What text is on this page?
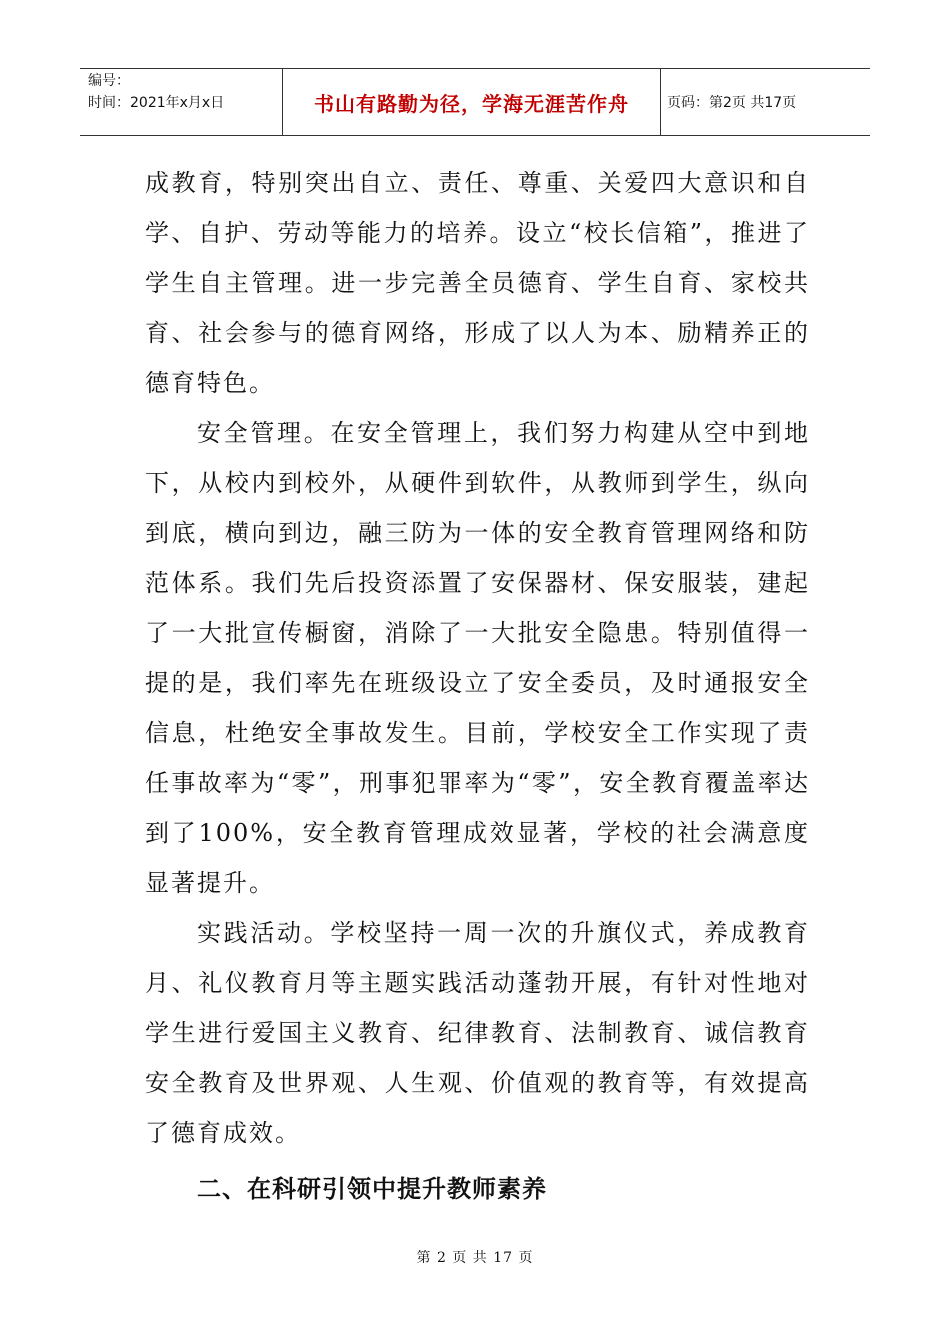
编号：
时间：2021年x月x日	书山有路勤为径，学海无涯苦作舟	页码：第2页 共17页

成教育，特别突出自立、责任、尊重、关爱四大意识和自学、自护、劳动等能力的培养。设立“校长信箱”，推进了学生自主管理。进一步完善全员德育、学生自育、家校共育、社会参与的德育网络，形成了以人为本、励精养正的德育特色。

安全管理。在安全管理上，我们努力构建从空中到地下，从校内到校外，从硬件到软件，从教师到学生，纵向到底，横向到边，融三防为一体的安全教育管理网络和防范体系。我们先后投资添置了安保器材、保安服装，建起了一大批宣传橱窗，消除了一大批安全隐患。特别值得一提的是，我们率先在班级设立了安全委员，及时通报安全信息，杜绝安全事故发生。目前，学校安全工作实现了责任事故率为“零”，刑事犯罪率为“零”，安全教育覆盖率达到了100%，安全教育管理成效显著，学校的社会满意度显著提升。

实践活动。学校坚持一周一次的升旗仪式，养成教育月、礼仪教育月等主题实践活动蓬勃开展，有针对性地对学生进行爱国主义教育、纪律教育、法制教育、诚信教育安全教育及世界观、人生观、价值观的教育等，有效提高了德育成效。

二、在科研引领中提升教师素养

第 2 页 共 17 页
